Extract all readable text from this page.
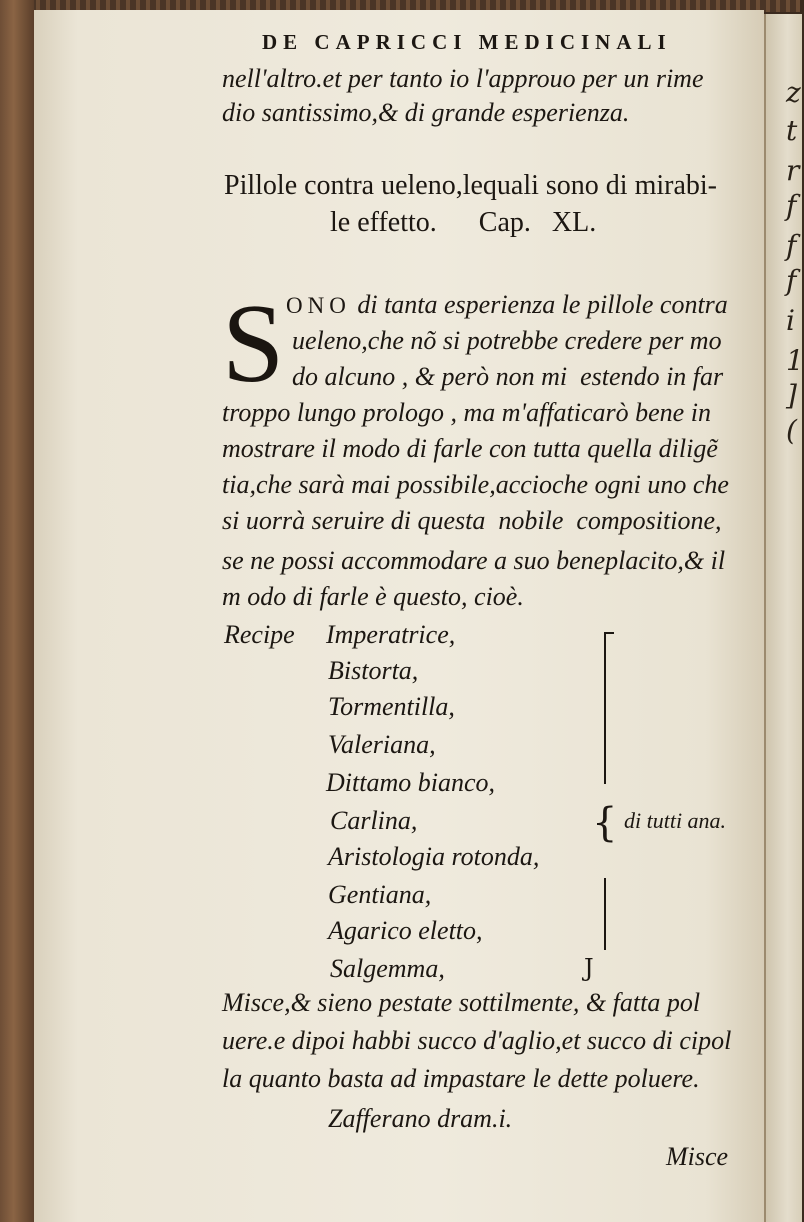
z
t
r
f
f
f
i
1
]
(
DE CAPRICCI MEDICINALI
nell'altro.et per tanto io l'approuo per un rime
dio santissimo,& di grande esperienza.
Pillole contra ueleno,lequali sono di mirabi-
le effetto.      Cap.   XL.
S ONO di tanta esperienza le pillole contra
ueleno,che nõ si potrebbe credere per mo
do alcuno , & però non mi  estendo in far
troppo lungo prologo , ma m'affaticarò bene in
mostrare il modo di farle con tutta quella diligẽ
tia,che sarà mai possibile,accioche ogni uno che
si uorrà seruire di questa  nobile  compositione,
se ne possi accommodare a suo beneplacito,& il
m odo di farle è questo, cioè.
Recipe Imperatrice,
Bistorta,
Tormentilla,
Valeriana,
Dittamo bianco,
Carlina,
Aristologia rotonda,
Gentiana,
Agarico eletto,
Salgemma,
{
J
di tutti ana.
Misce,& sieno pestate sottilmente, & fatta pol
uere.e dipoi habbi succo d'aglio,et succo di cipol
la quanto basta ad impastare le dette poluere.
Zafferano dram.i.
Misce
